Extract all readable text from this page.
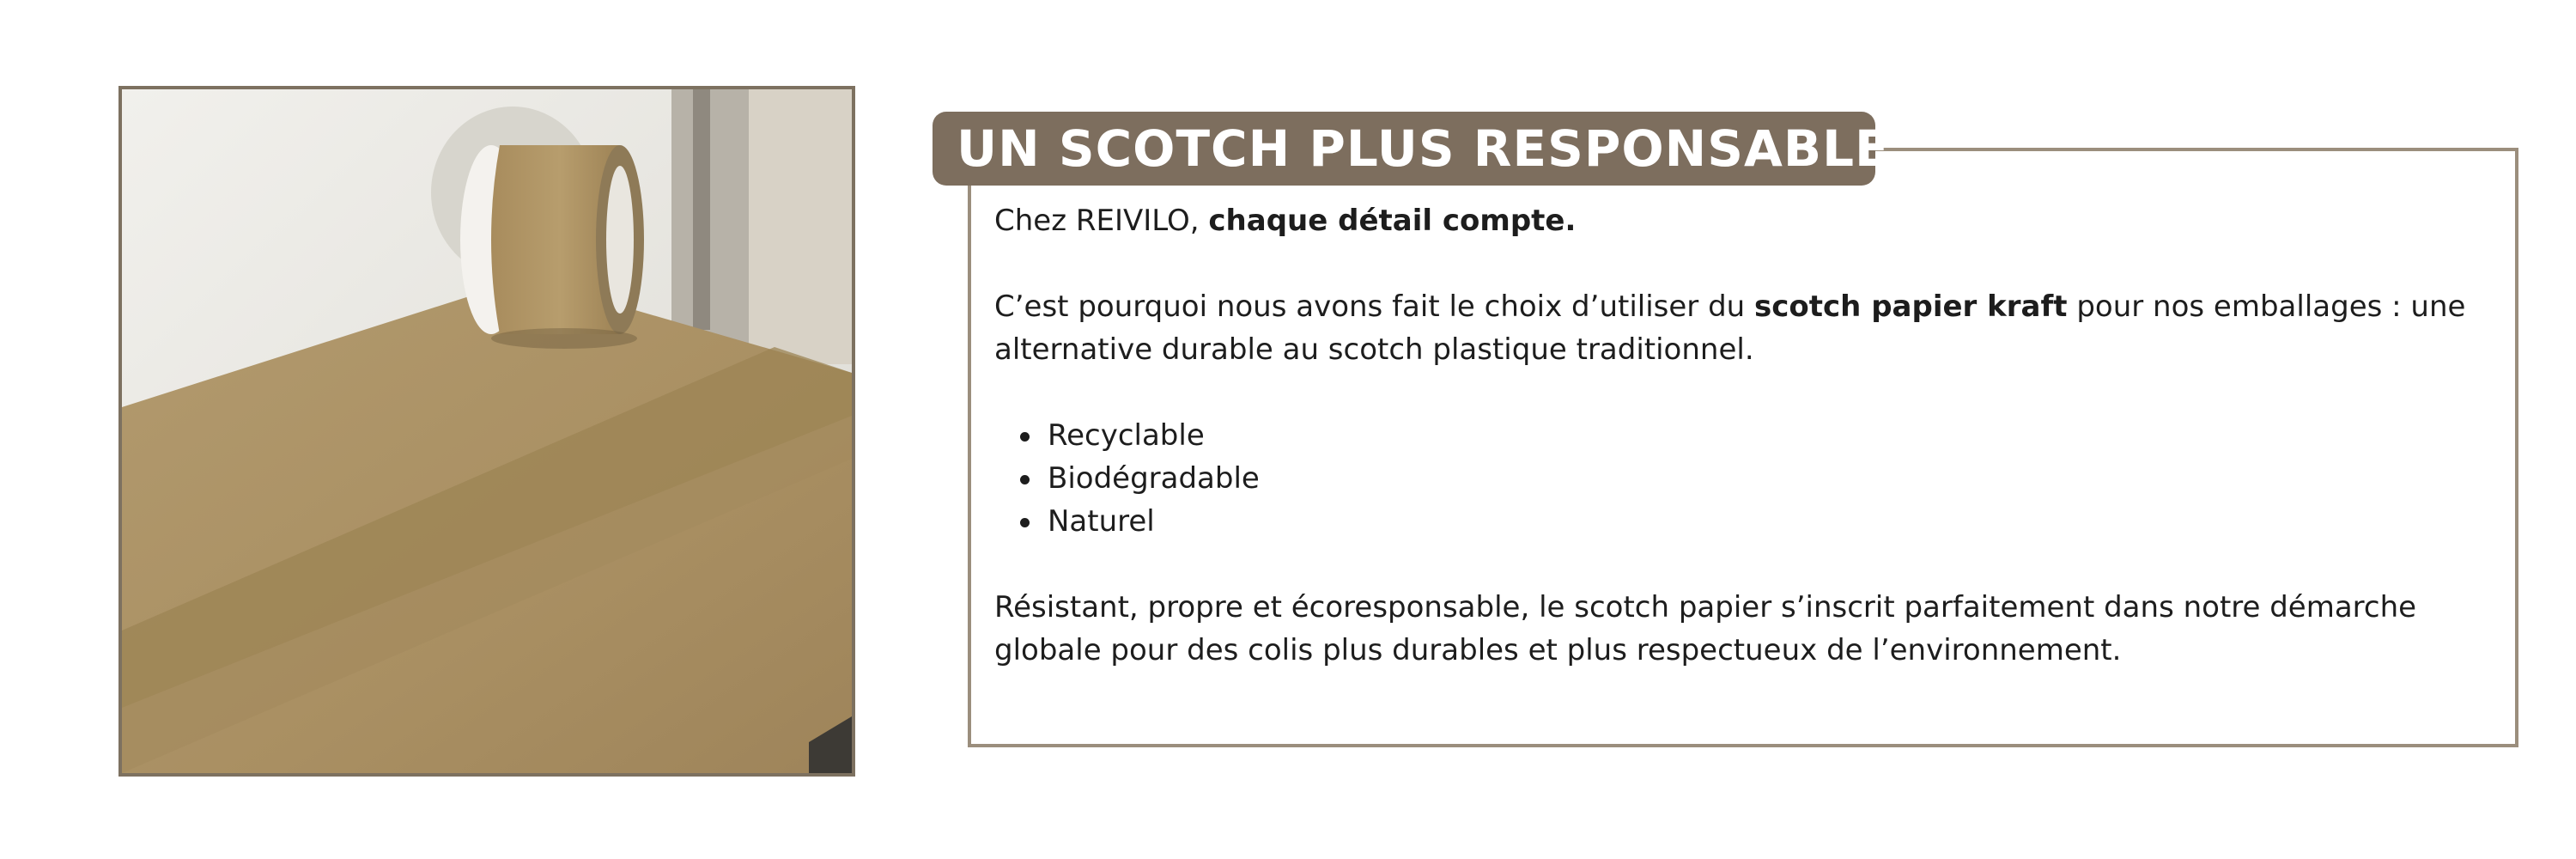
UN SCOTCH PLUS RESPONSABLE

Chez REIVILO, chaque détail compte.

C’est pourquoi nous avons fait le choix d’utiliser du scotch papier kraft pour nos emballages : une alternative durable au scotch plastique traditionnel.

Recyclable
Biodégradable
Naturel

Résistant, propre et écoresponsable, le scotch papier s’inscrit parfaitement dans notre démarche globale pour des colis plus durables et plus respectueux de l’environnement.
